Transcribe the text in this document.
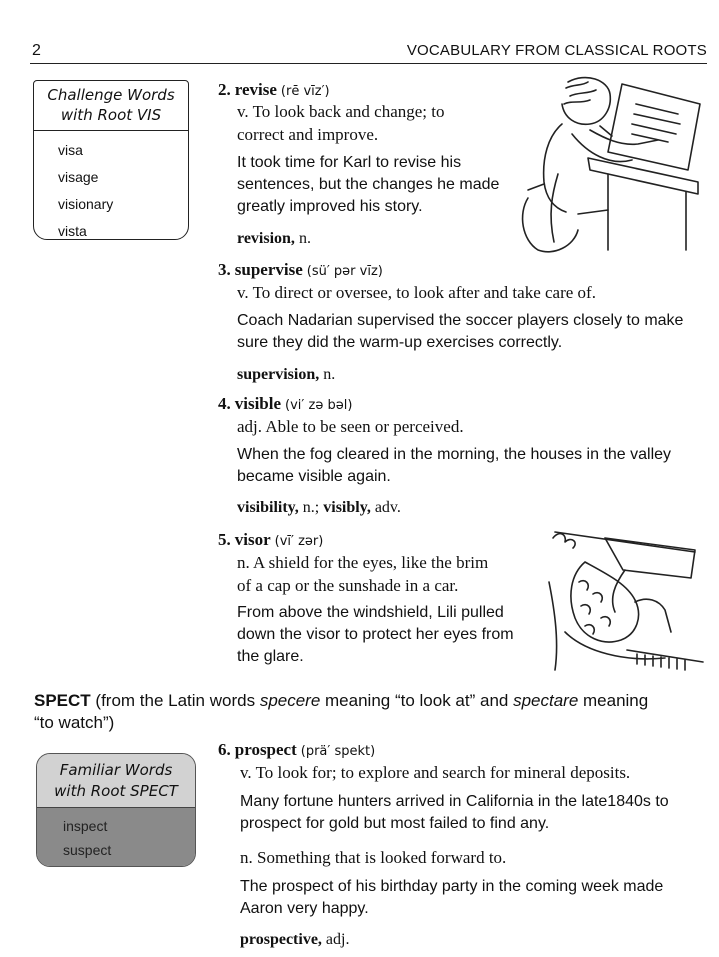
2	VOCABULARY FROM CLASSICAL ROOTS
Challenge Words
with Root VIS
visa
visage
visionary
vista
2. revise (rē vīz′)
v. To look back and change; to
correct and improve.
It took time for Karl to revise his
sentences, but the changes he made
greatly improved his story.
revision, n.
3. supervise (sü′ pər vīz)
v. To direct or oversee, to look after and take care of.
Coach Nadarian supervised the soccer players closely to make
sure they did the warm-up exercises correctly.
supervision, n.
4. visible (vi′ zə bəl)
adj. Able to be seen or perceived.
When the fog cleared in the morning, the houses in the valley
became visible again.
visibility, n.; visibly, adv.
5. visor (vī′ zər)
n. A shield for the eyes, like the brim
of a cap or the sunshade in a car.
From above the windshield, Lili pulled
down the visor to protect her eyes from
the glare.
SPECT (from the Latin words specere meaning “to look at” and spectare meaning
“to watch”)
Familiar Words
with Root SPECT
inspect
suspect
6. prospect (prä′ spekt)
v. To look for; to explore and search for mineral deposits.
Many fortune hunters arrived in California in the late1840s to
prospect for gold but most failed to find any.
n. Something that is looked forward to.
The prospect of his birthday party in the coming week made
Aaron very happy.
prospective, adj.
